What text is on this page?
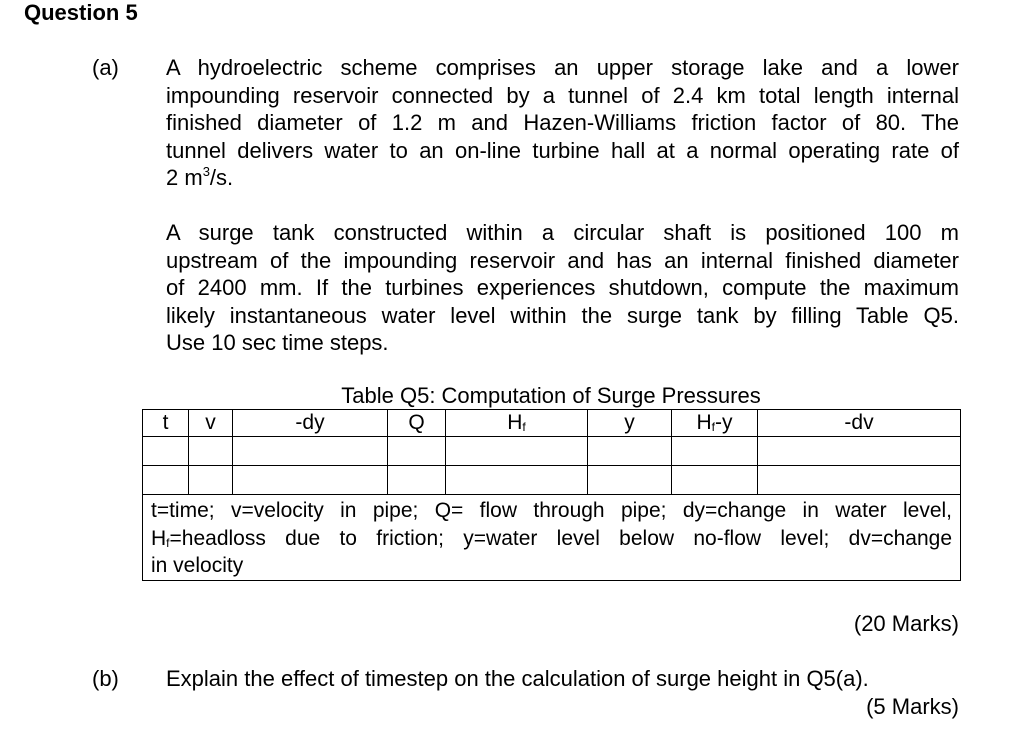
Question 5
(a) A hydroelectric scheme comprises an upper storage lake and a lower
impounding reservoir connected by a tunnel of 2.4 km total length internal
finished diameter of 1.2 m and Hazen-Williams friction factor of 80. The
tunnel delivers water to an on-line turbine hall at a normal operating rate of
2 $m^3/s$.
A surge tank constructed within a circular shaft is positioned 100 m
upstream of the impounding reservoir and has an internal finished diameter
of 2400 mm. If the turbines experiences shutdown, compute the maximum
likely instantaneous water level within the surge tank by filling Table Q5.
Use 10 sec time steps.
Table Q5: Computation of Surge Pressures
t	v	-dy	Q	$H_f$	y	$H_f-y$	-dv

t=time; v=velocity in pipe; Q= flow through pipe; dy=change in water level,
$H_f=headloss$ due to friction; y=water level below no-flow level; dv=change
in velocity							
(20 Marks)
(b) Explain the effect of timestep on the calculation of surge height in Q5(a).
(5 Marks)
